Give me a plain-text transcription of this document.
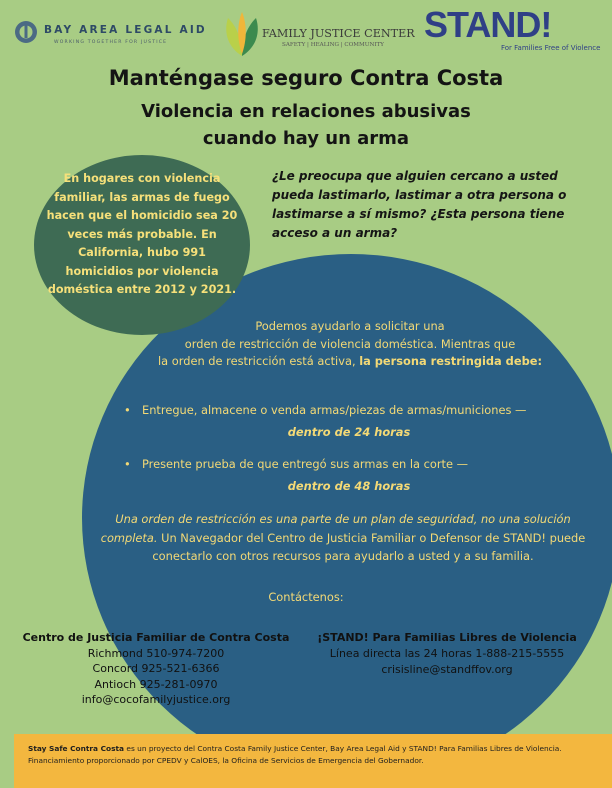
BAY AREA LEGAL AID
WORKING TOGETHER FOR JUSTICE
FAMILY JUSTICE CENTER
SAFETY | HEALING | COMMUNITY STAND!
For Families Free of Violence
Manténgase seguro Contra Costa
Violencia en relaciones abusivas
cuando hay un arma
En hogares con violencia familiar, las armas de fuego hacen que el homicidio sea 20 veces más probable. En California, hubo 991 homicidios por violencia doméstica entre 2012 y 2021.
¿Le preocupa que alguien cercano a usted pueda lastimarlo, lastimar a otra persona o lastimarse a sí mismo? ¿Esta persona tiene acceso a un arma?
Podemos ayudarlo a solicitar una
orden de restricción de violencia doméstica. Mientras que
la orden de restricción está activa, la persona restringida debe:
• Entregue, almacene o venda armas/piezas de armas/municiones —
dentro de 24 horas
• Presente prueba de que entregó sus armas en la corte —
dentro de 48 horas
Una orden de restricción es una parte de un plan de seguridad, no una solución completa. Un Navegador del Centro de Justicia Familiar o Defensor de STAND! puede conectarlo con otros recursos para ayudarlo a usted y a su familia.
Contáctenos:
Centro de Justicia Familiar de Contra Costa
Richmond 510-974-7200
Concord 925-521-6366
Antioch 925-281-0970
info@cocofamilyjustice.org
¡STAND! Para Familias Libres de Violencia
Línea directa las 24 horas 1-888-215-5555
crisisline@standffov.org
Stay Safe Contra Costa es un proyecto del Contra Costa Family Justice Center, Bay Area Legal Aid y STAND! Para Familias Libres de Violencia. Financiamiento proporcionado por CPEDV y CalOES, la Oficina de Servicios de Emergencia del Gobernador.
